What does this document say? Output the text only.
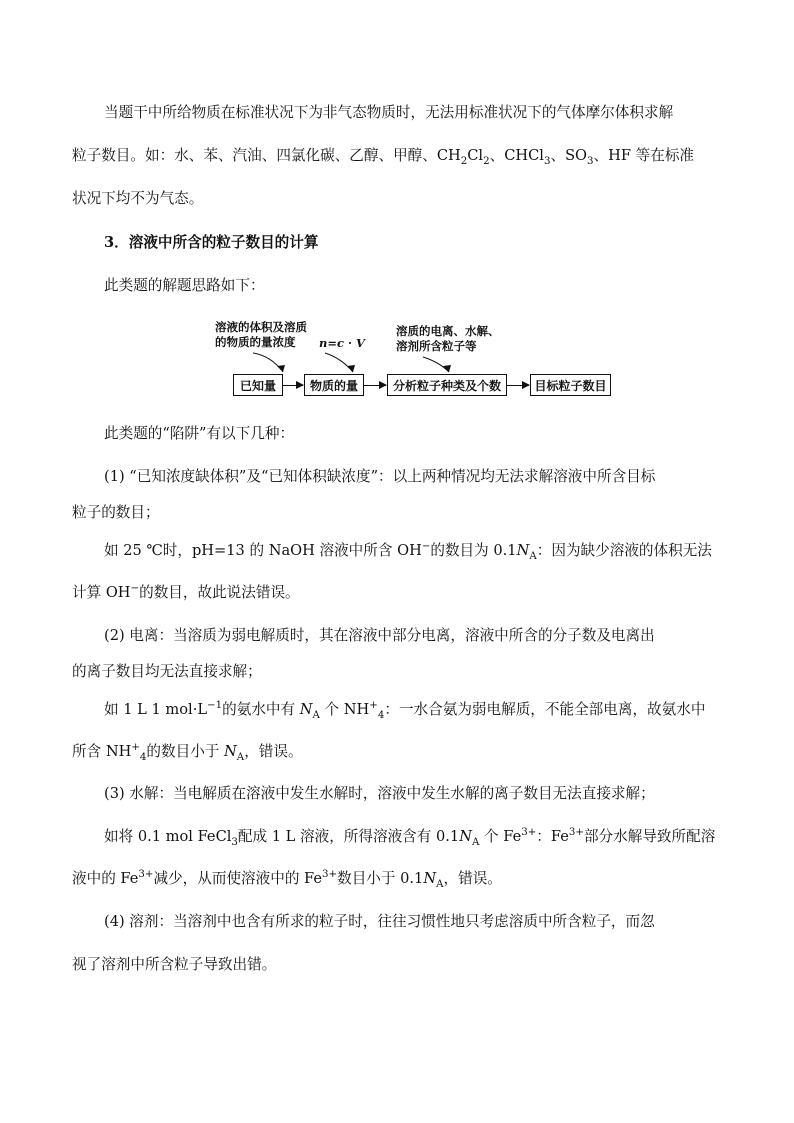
当题干中所给物质在标准状况下为非气态物质时，无法用标准状况下的气体摩尔体积求解

粒子数目。如：水、苯、汽油、四氯化碳、乙醇、甲醇、$CH_2Cl_2$、CHCl$_3$、$SO_3$、HF 等在标准

状况下均不为气态。

3．溶液中所含的粒子数目的计算

此类题的解题思路如下：

溶液的体积及溶质
的物质的量浓度	n=c · V
溶质的电离、水解、
溶剂所含粒子等
已知量	物质的量	分析粒子种类及个数	目标粒子数目

此类题的“陷阱”有以下几种：

(1) “已知浓度缺体积”及“已知体积缺浓度”：以上两种情况均无法求解溶液中所含目标

粒子的数目；

如 25 ℃时，pH=13 的 NaOH 溶液中所含 OH−的数目为 $0.1N_A$：因为缺少溶液的体积无法

计算 OH−的数目，故此说法错误。

(2) 电离：当溶质为弱电解质时，其在溶液中部分电离，溶液中所含的分子数及电离出

的离子数目均无法直接求解；

如 1 L 1 $mol\cdot L^{-1}$的氨水中有 $N_A$ 个 $NH^+_4$：一水合氨为弱电解质，不能全部电离，故氨水中

所含 $NH^+_4$的数目小于 $N_A$，错误。

(3) 水解：当电解质在溶液中发生水解时，溶液中发生水解的离子数目无法直接求解；

如将 0.1 mol FeCl$_3$配成 1 L 溶液，所得溶液含有 $0.1N_A$ 个 $Fe^{3+}$：$Fe^{3+}$部分水解导致所配溶

液中的 $Fe^{3+}$减少，从而使溶液中的 $Fe^{3+}$数目小于 $0.1N_A$，错误。

(4) 溶剂：当溶剂中也含有所求的粒子时，往往习惯性地只考虑溶质中所含粒子，而忽

视了溶剂中所含粒子导致出错。
